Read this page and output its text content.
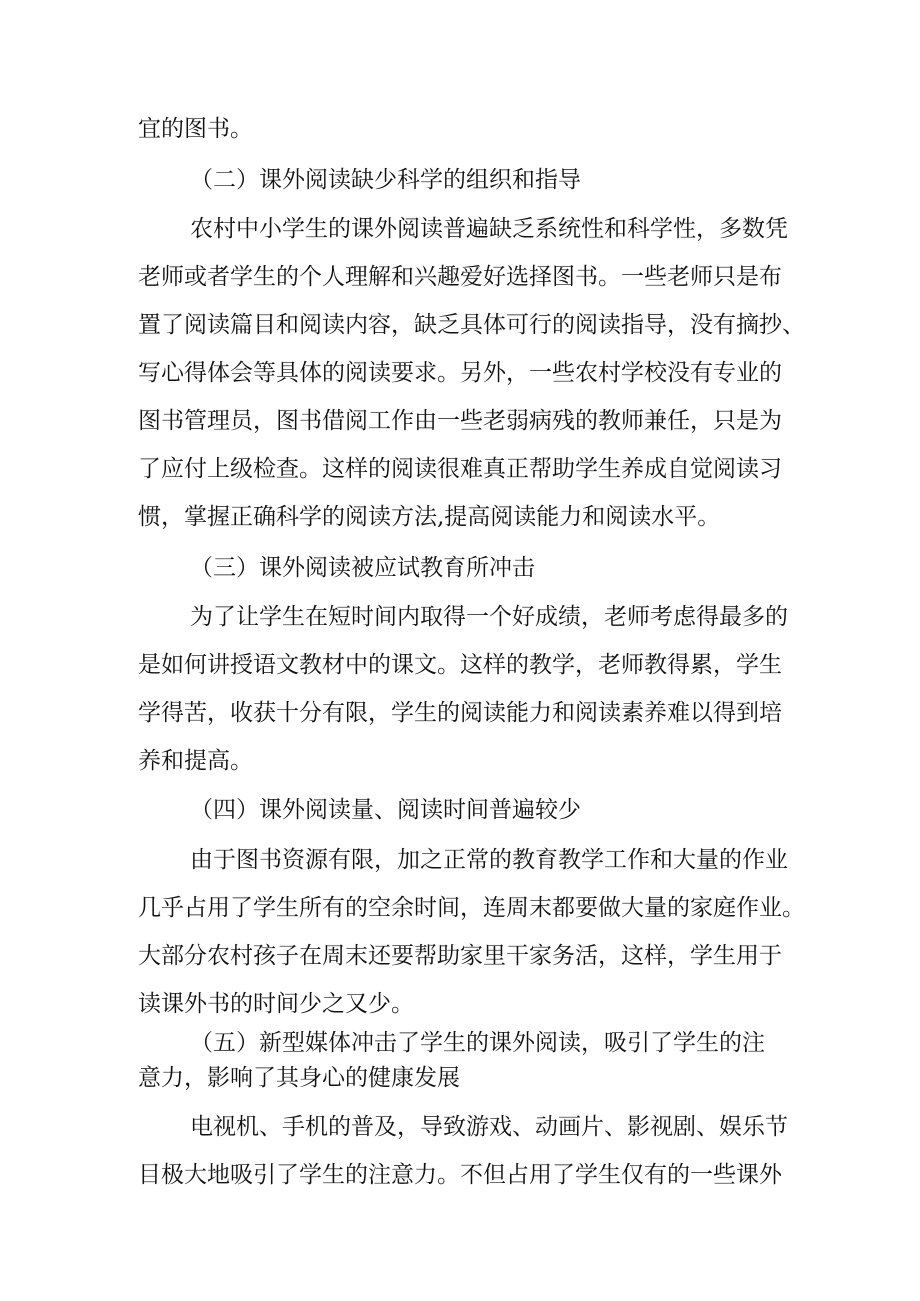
宜的图书。
（二）课外阅读缺少科学的组织和指导
农村中小学生的课外阅读普遍缺乏系统性和科学性，多数凭
老师或者学生的个人理解和兴趣爱好选择图书。一些老师只是布
置了阅读篇目和阅读内容，缺乏具体可行的阅读指导，没有摘抄、
写心得体会等具体的阅读要求。另外，一些农村学校没有专业的
图书管理员，图书借阅工作由一些老弱病残的教师兼任，只是为
了应付上级检查。这样的阅读很难真正帮助学生养成自觉阅读习
惯，掌握正确科学的阅读方法,提高阅读能力和阅读水平。
（三）课外阅读被应试教育所冲击
为了让学生在短时间内取得一个好成绩，老师考虑得最多的
是如何讲授语文教材中的课文。这样的教学，老师教得累，学生
学得苦，收获十分有限，学生的阅读能力和阅读素养难以得到培
养和提高。
（四）课外阅读量、阅读时间普遍较少
由于图书资源有限，加之正常的教育教学工作和大量的作业
几乎占用了学生所有的空余时间，连周末都要做大量的家庭作业。
大部分农村孩子在周末还要帮助家里干家务活，这样，学生用于
读课外书的时间少之又少。
（五）新型媒体冲击了学生的课外阅读，吸引了学生的注
意力，影响了其身心的健康发展
电视机、手机的普及，导致游戏、动画片、影视剧、娱乐节
目极大地吸引了学生的注意力。不但占用了学生仅有的一些课外
